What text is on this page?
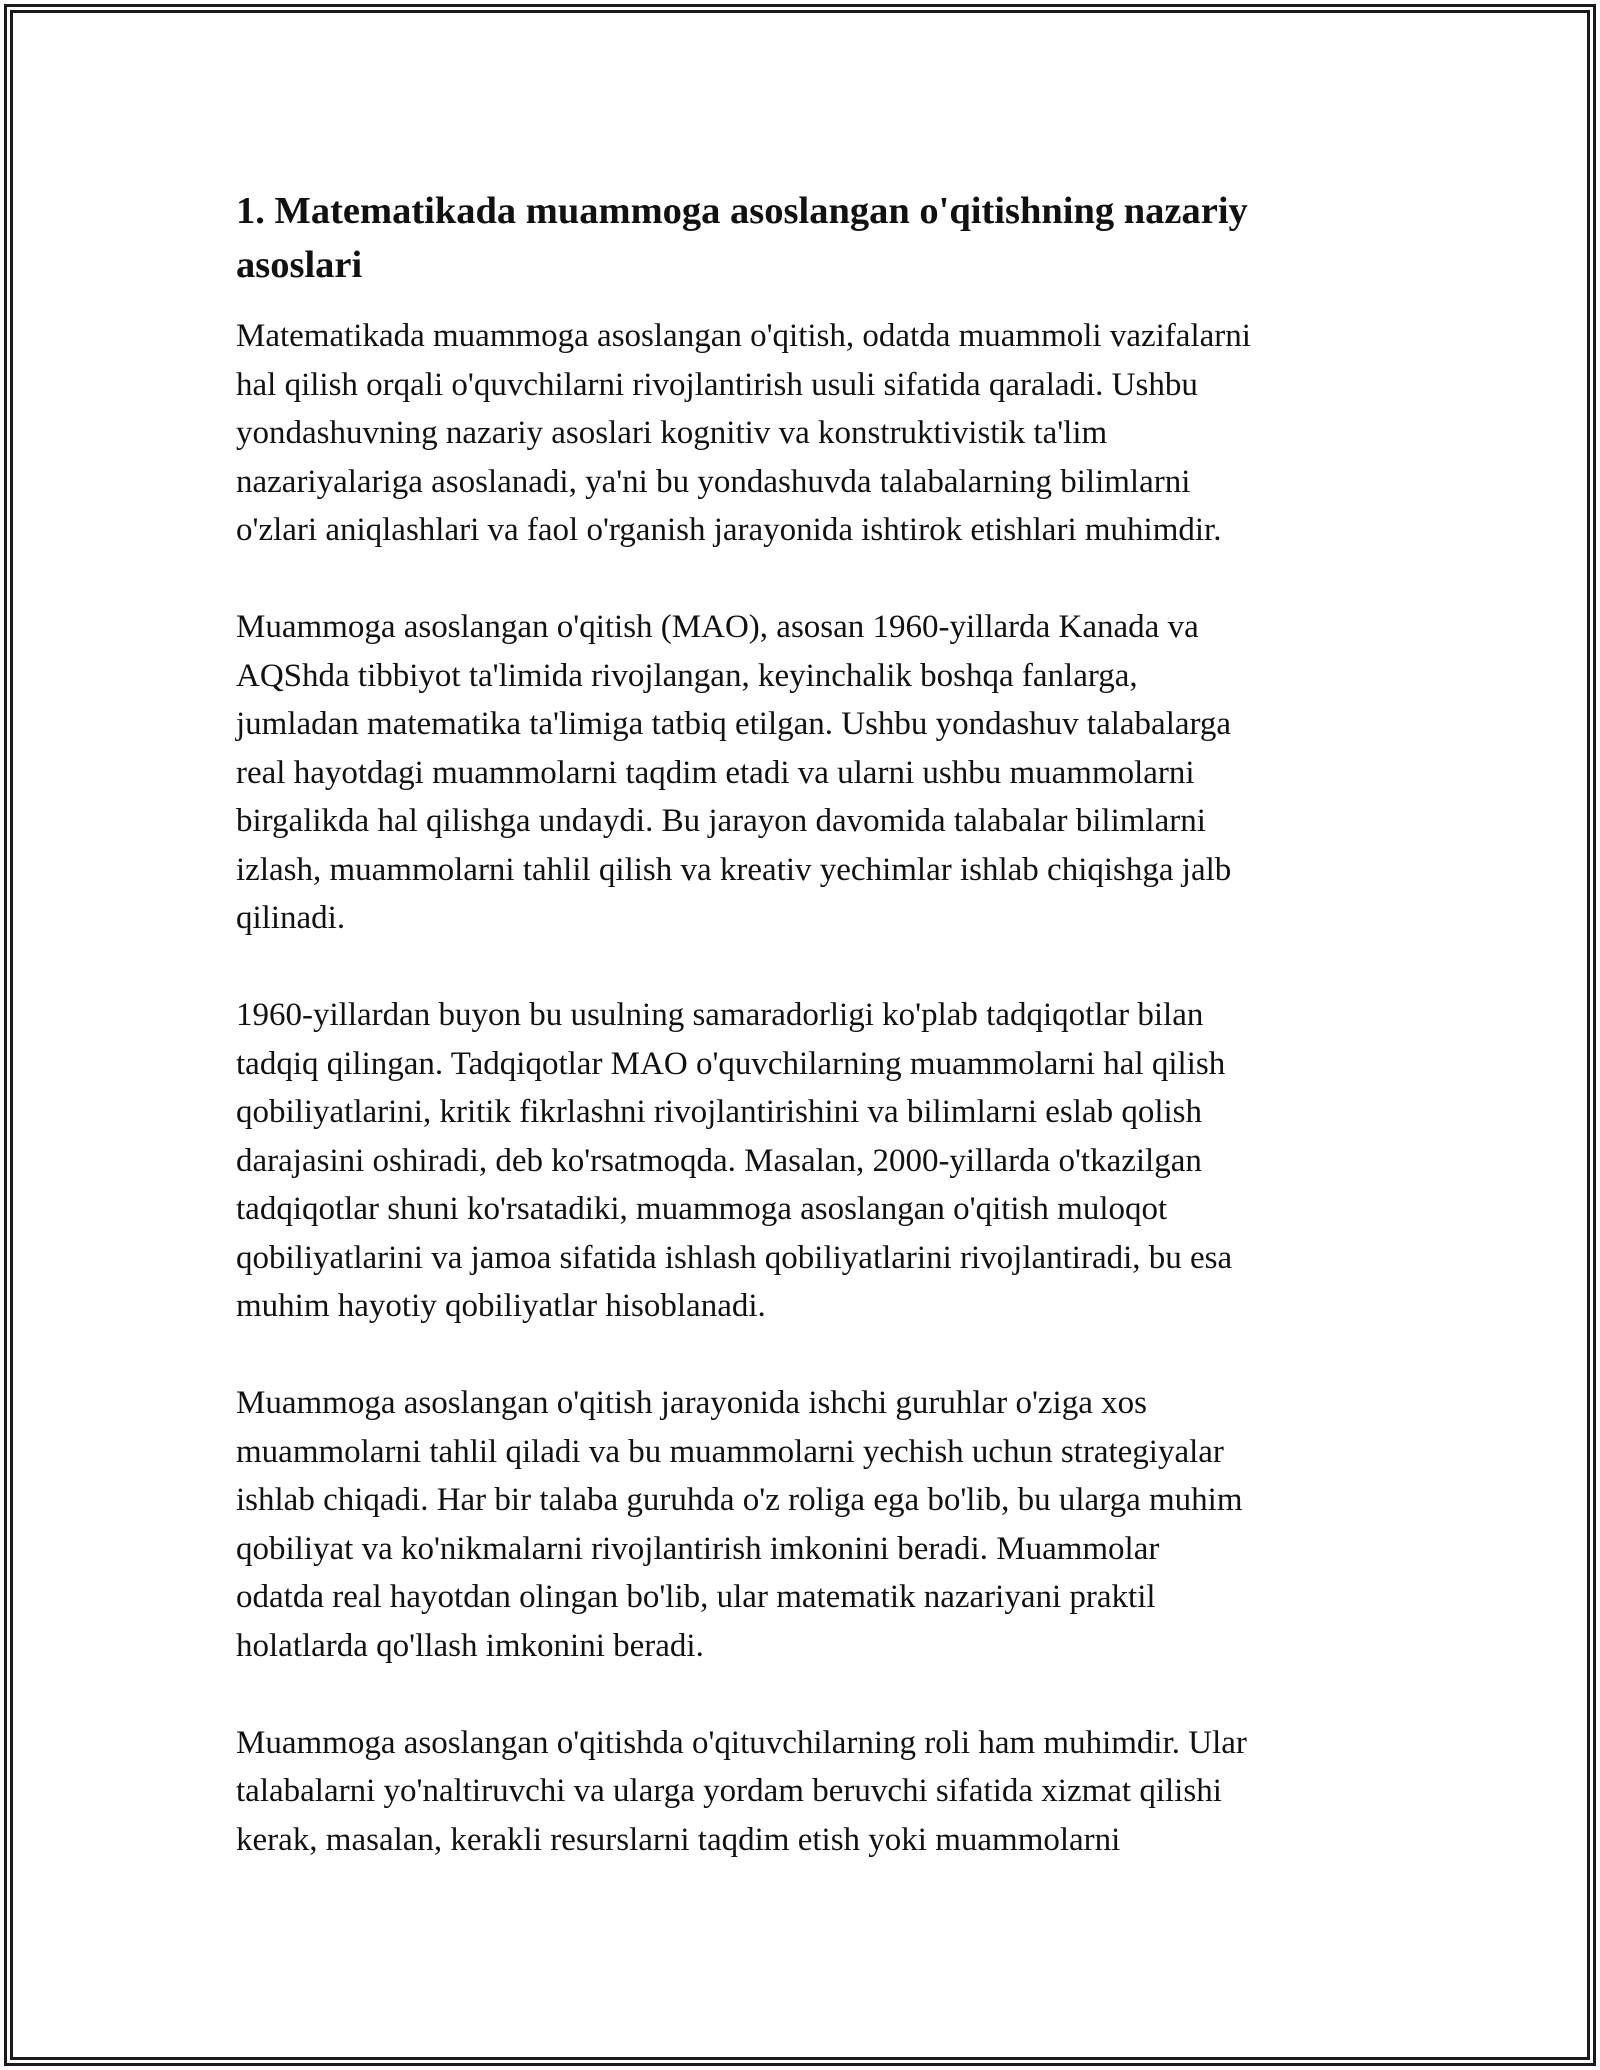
1. Matematikada muammoga asoslangan o'qitishning nazariy
asoslari

Matematikada muammoga asoslangan o'qitish, odatda muammoli vazifalarni
hal qilish orqali o'quvchilarni rivojlantirish usuli sifatida qaraladi. Ushbu
yondashuvning nazariy asoslari kognitiv va konstruktivistik ta'lim
nazariyalariga asoslanadi, ya'ni bu yondashuvda talabalarning bilimlarni
o'zlari aniqlashlari va faol o'rganish jarayonida ishtirok etishlari muhimdir.

Muammoga asoslangan o'qitish (MAO), asosan 1960-yillarda Kanada va
AQShda tibbiyot ta'limida rivojlangan, keyinchalik boshqa fanlarga,
jumladan matematika ta'limiga tatbiq etilgan. Ushbu yondashuv talabalarga
real hayotdagi muammolarni taqdim etadi va ularni ushbu muammolarni
birgalikda hal qilishga undaydi. Bu jarayon davomida talabalar bilimlarni
izlash, muammolarni tahlil qilish va kreativ yechimlar ishlab chiqishga jalb
qilinadi.

1960-yillardan buyon bu usulning samaradorligi ko'plab tadqiqotlar bilan
tadqiq qilingan. Tadqiqotlar MAO o'quvchilarning muammolarni hal qilish
qobiliyatlarini, kritik fikrlashni rivojlantirishini va bilimlarni eslab qolish
darajasini oshiradi, deb ko'rsatmoqda. Masalan, 2000-yillarda o'tkazilgan
tadqiqotlar shuni ko'rsatadiki, muammoga asoslangan o'qitish muloqot
qobiliyatlarini va jamoa sifatida ishlash qobiliyatlarini rivojlantiradi, bu esa
muhim hayotiy qobiliyatlar hisoblanadi.

Muammoga asoslangan o'qitish jarayonida ishchi guruhlar o'ziga xos
muammolarni tahlil qiladi va bu muammolarni yechish uchun strategiyalar
ishlab chiqadi. Har bir talaba guruhda o'z roliga ega bo'lib, bu ularga muhim
qobiliyat va ko'nikmalarni rivojlantirish imkonini beradi. Muammolar
odatda real hayotdan olingan bo'lib, ular matematik nazariyani praktil
holatlarda qo'llash imkonini beradi.

Muammoga asoslangan o'qitishda o'qituvchilarning roli ham muhimdir. Ular
talabalarni yo'naltiruvchi va ularga yordam beruvchi sifatida xizmat qilishi
kerak, masalan, kerakli resurslarni taqdim etish yoki muammolarni
